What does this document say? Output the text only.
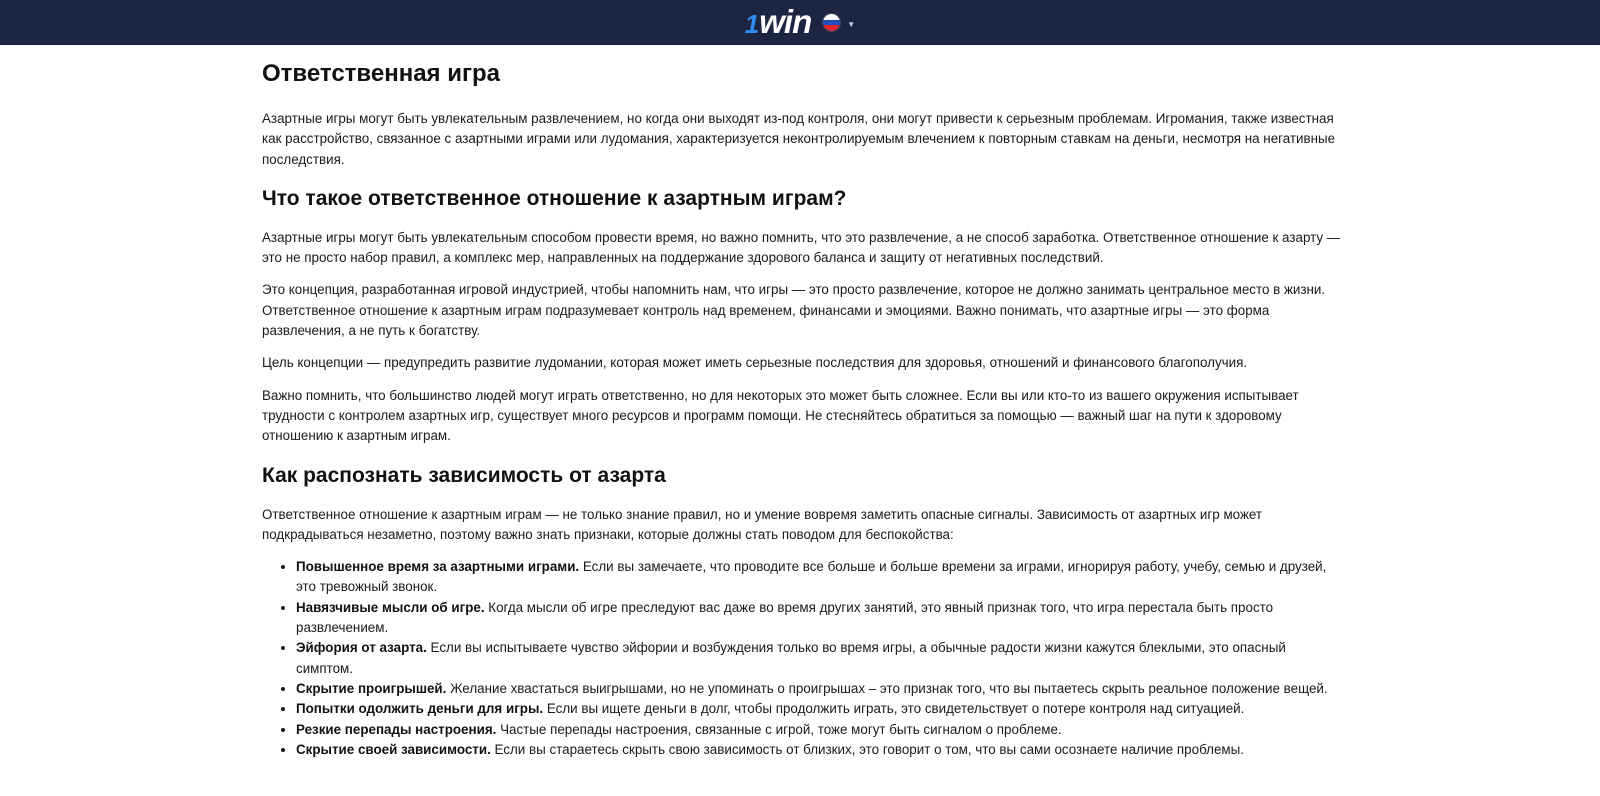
1 win	▼
Ответственная игра

Азартные игры могут быть увлекательным развлечением, но когда они выходят из-под контроля, они могут привести к серьезным проблемам. Игромания, также известная как расстройство, связанное с азартными играми или лудомания, характеризуется неконтролируемым влечением к повторным ставкам на деньги, несмотря на негативные последствия.

Что такое ответственное отношение к азартным играм?

Азартные игры могут быть увлекательным способом провести время, но важно помнить, что это развлечение, а не способ заработка. Ответственное отношение к азарту — это не просто набор правил, а комплекс мер, направленных на поддержание здорового баланса и защиту от негативных последствий.

Это концепция, разработанная игровой индустрией, чтобы напомнить нам, что игры — это просто развлечение, которое не должно занимать центральное место в жизни. Ответственное отношение к азартным играм подразумевает контроль над временем, финансами и эмоциями. Важно понимать, что азартные игры — это форма развлечения, а не путь к богатству.

Цель концепции — предупредить развитие лудомании, которая может иметь серьезные последствия для здоровья, отношений и финансового благополучия.

Важно помнить, что большинство людей могут играть ответственно, но для некоторых это может быть сложнее. Если вы или кто-то из вашего окружения испытывает трудности с контролем азартных игр, существует много ресурсов и программ помощи. Не стесняйтесь обратиться за помощью — важный шаг на пути к здоровому отношению к азартным играм.

Как распознать зависимость от азарта

Ответственное отношение к азартным играм — не только знание правил, но и умение вовремя заметить опасные сигналы. Зависимость от азартных игр может подкрадываться незаметно, поэтому важно знать признаки, которые должны стать поводом для беспокойства:

• Повышенное время за азартными играми. Если вы замечаете, что проводите все больше и больше времени за играми, игнорируя работу, учебу, семью и друзей, это тревожный звонок.
• Навязчивые мысли об игре. Когда мысли об игре преследуют вас даже во время других занятий, это явный признак того, что игра перестала быть просто развлечением.
• Эйфория от азарта. Если вы испытываете чувство эйфории и возбуждения только во время игры, а обычные радости жизни кажутся блеклыми, это опасный симптом.
• Скрытие проигрышей. Желание хвастаться выигрышами, но не упоминать о проигрышах – это признак того, что вы пытаетесь скрыть реальное положение вещей.
• Попытки одолжить деньги для игры. Если вы ищете деньги в долг, чтобы продолжить играть, это свидетельствует о потере контроля над ситуацией.
• Резкие перепады настроения. Частые перепады настроения, связанные с игрой, тоже могут быть сигналом о проблеме.
• Скрытие своей зависимости. Если вы стараетесь скрыть свою зависимость от близких, это говорит о том, что вы сами осознаете наличие проблемы.
